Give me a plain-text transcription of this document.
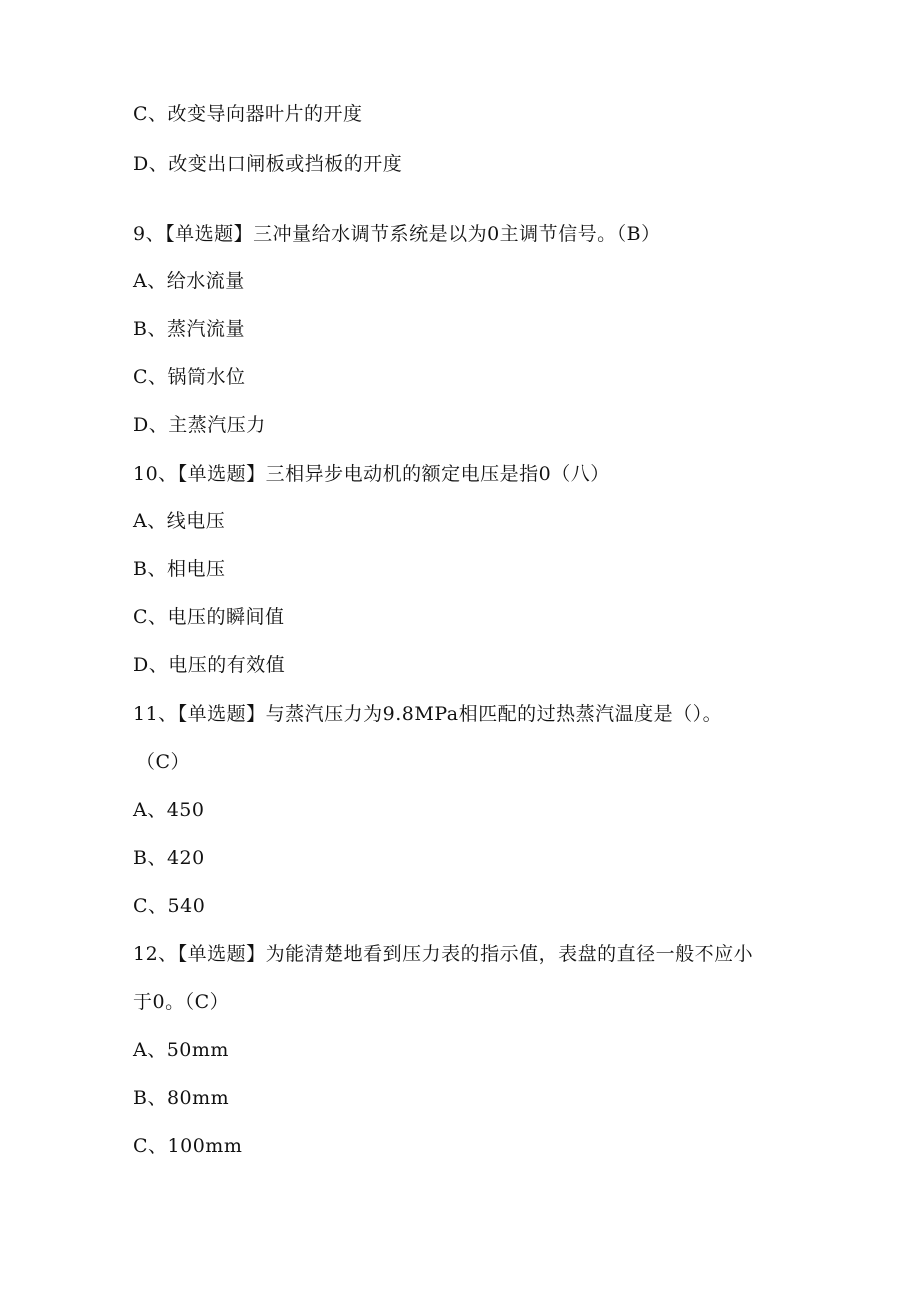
C、改变导向器叶片的开度
D、改变出口闸板或挡板的开度
9、【单选题】三冲量给水调节系统是以为0主调节信号。（B）
A、给水流量
B、蒸汽流量
C、锅筒水位
D、主蒸汽压力
10、【单选题】三相异步电动机的额定电压是指0（八）
A、线电压
B、相电压
C、电压的瞬间值
D、电压的有效值
11、【单选题】与蒸汽压力为9.8MPa相匹配的过热蒸汽温度是（）。
（C）
A、450
B、420
C、540
12、【单选题】为能清楚地看到压力表的指示值，表盘的直径一般不应小
于0。（C）
A、50mm
B、80mm
C、100mm
